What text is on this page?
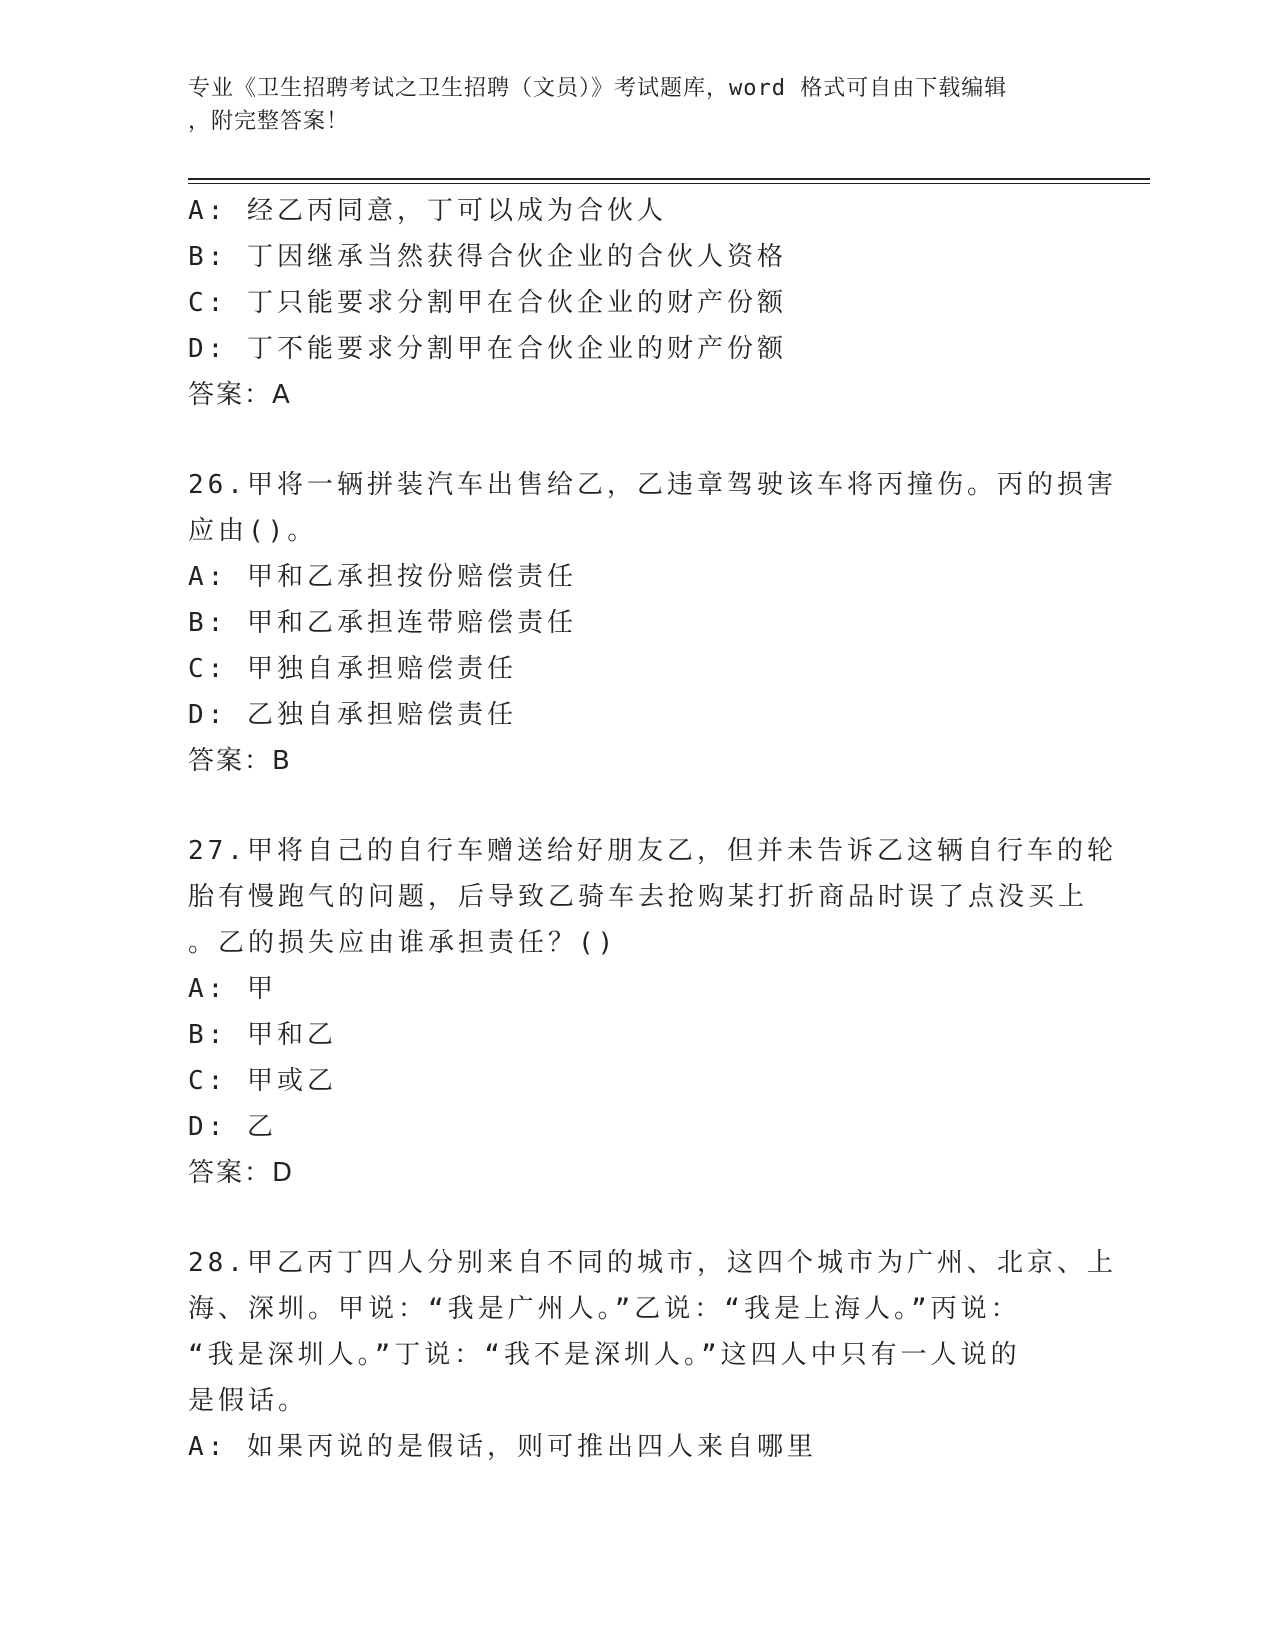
专业《卫生招聘考试之卫生招聘（文员）》考试题库，word 格式可自由下载编辑
，附完整答案！
A: 经乙丙同意，丁可以成为合伙人
B: 丁因继承当然获得合伙企业的合伙人资格
C: 丁只能要求分割甲在合伙企业的财产份额
D: 丁不能要求分割甲在合伙企业的财产份额
答案：A
26.甲将一辆拼装汽车出售给乙，乙违章驾驶该车将丙撞伤。丙的损害
应由()。
A: 甲和乙承担按份赔偿责任
B: 甲和乙承担连带赔偿责任
C: 甲独自承担赔偿责任
D: 乙独自承担赔偿责任
答案：B
27.甲将自己的自行车赠送给好朋友乙，但并未告诉乙这辆自行车的轮
胎有慢跑气的问题，后导致乙骑车去抢购某打折商品时误了点没买上
。乙的损失应由谁承担责任？()
A: 甲
B: 甲和乙
C: 甲或乙
D: 乙
答案：D
28.甲乙丙丁四人分别来自不同的城市，这四个城市为广州、北京、上
海、深圳。甲说：“我是广州人。”乙说：“我是上海人。”丙说：
“我是深圳人。”丁说：“我不是深圳人。”这四人中只有一人说的
是假话。
A: 如果丙说的是假话，则可推出四人来自哪里
